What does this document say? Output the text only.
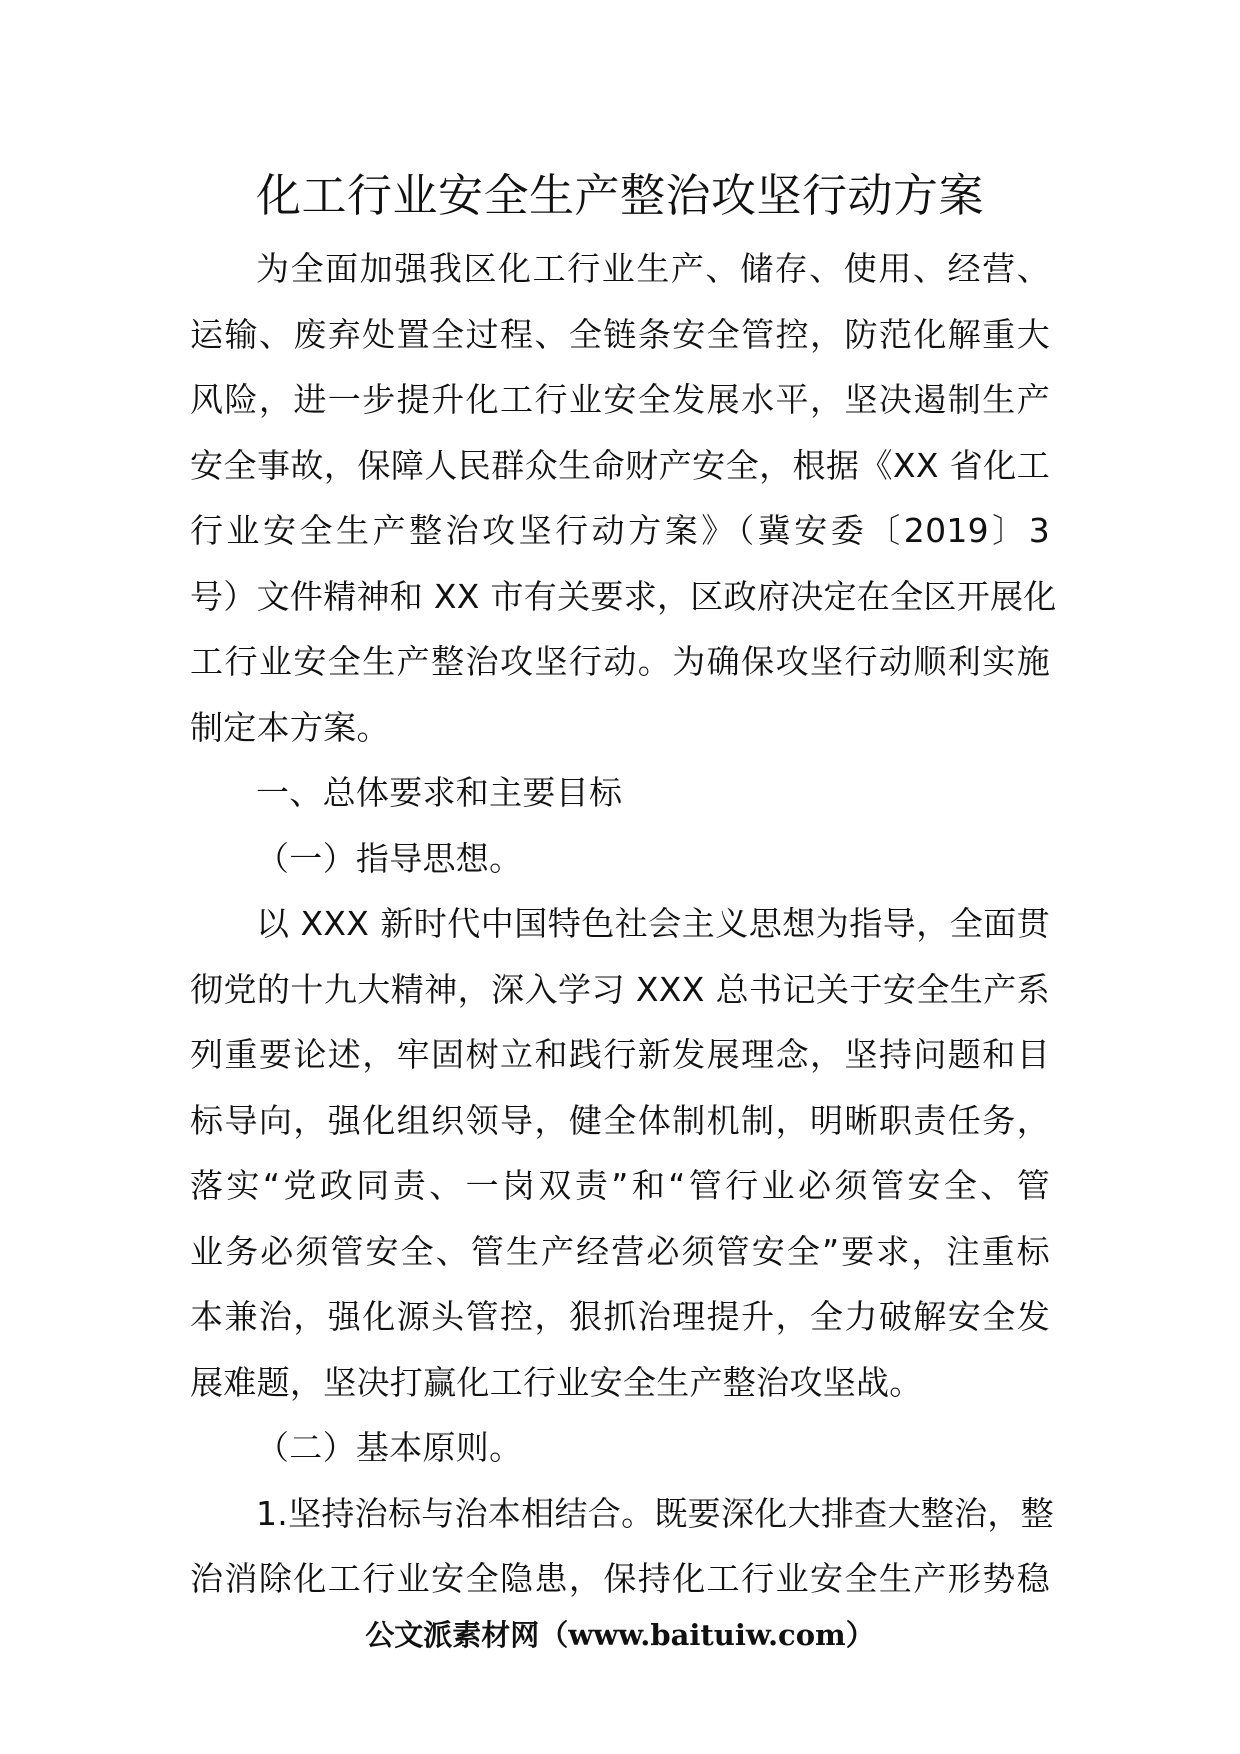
化工行业安全生产整治攻坚行动方案
为全面加强我区化工行业生产、储存、使用、经营、
运输、废弃处置全过程、全链条安全管控，防范化解重大
风险，进一步提升化工行业安全发展水平，坚决遏制生产
安全事故，保障人民群众生命财产安全，根据《XX 省化工
行业安全生产整治攻坚行动方案》（冀安委〔2019〕3
号）文件精神和 XX 市有关要求，区政府决定在全区开展化
工行业安全生产整治攻坚行动。为确保攻坚行动顺利实施
制定本方案。
一、总体要求和主要目标
（一）指导思想。
以 XXX 新时代中国特色社会主义思想为指导，全面贯
彻党的十九大精神，深入学习 XXX 总书记关于安全生产系
列重要论述，牢固树立和践行新发展理念，坚持问题和目
标导向，强化组织领导，健全体制机制，明晰职责任务，
落实“党政同责、一岗双责”和“管行业必须管安全、管
业务必须管安全、管生产经营必须管安全”要求，注重标
本兼治，强化源头管控，狠抓治理提升，全力破解安全发
展难题，坚决打赢化工行业安全生产整治攻坚战。
（二）基本原则。
1.坚持治标与治本相结合。既要深化大排查大整治，整
治消除化工行业安全隐患，保持化工行业安全生产形势稳
公文派素材网（www.baituiw.com）
